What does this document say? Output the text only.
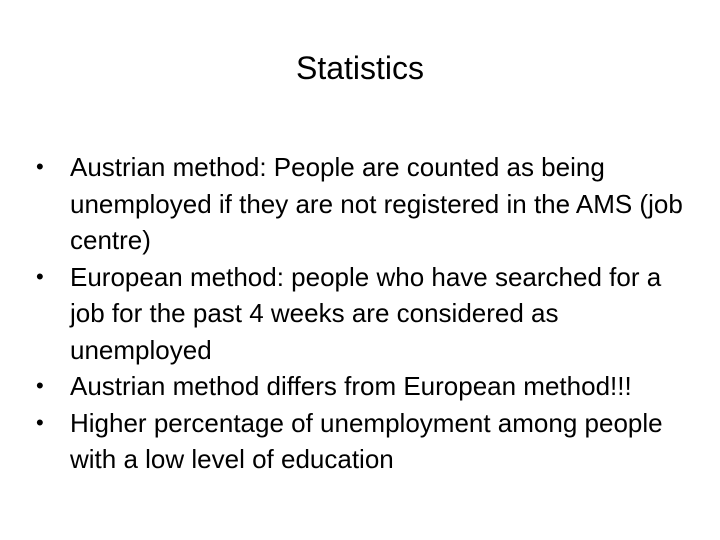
Statistics
•	Austrian method: People are counted as being unemployed if they are not registered in the AMS (job centre)
•	European method: people who have searched for a job for the past 4 weeks are considered as unemployed
•	Austrian method differs from European method!!!
•	Higher percentage of unemployment among people with a low level of education
